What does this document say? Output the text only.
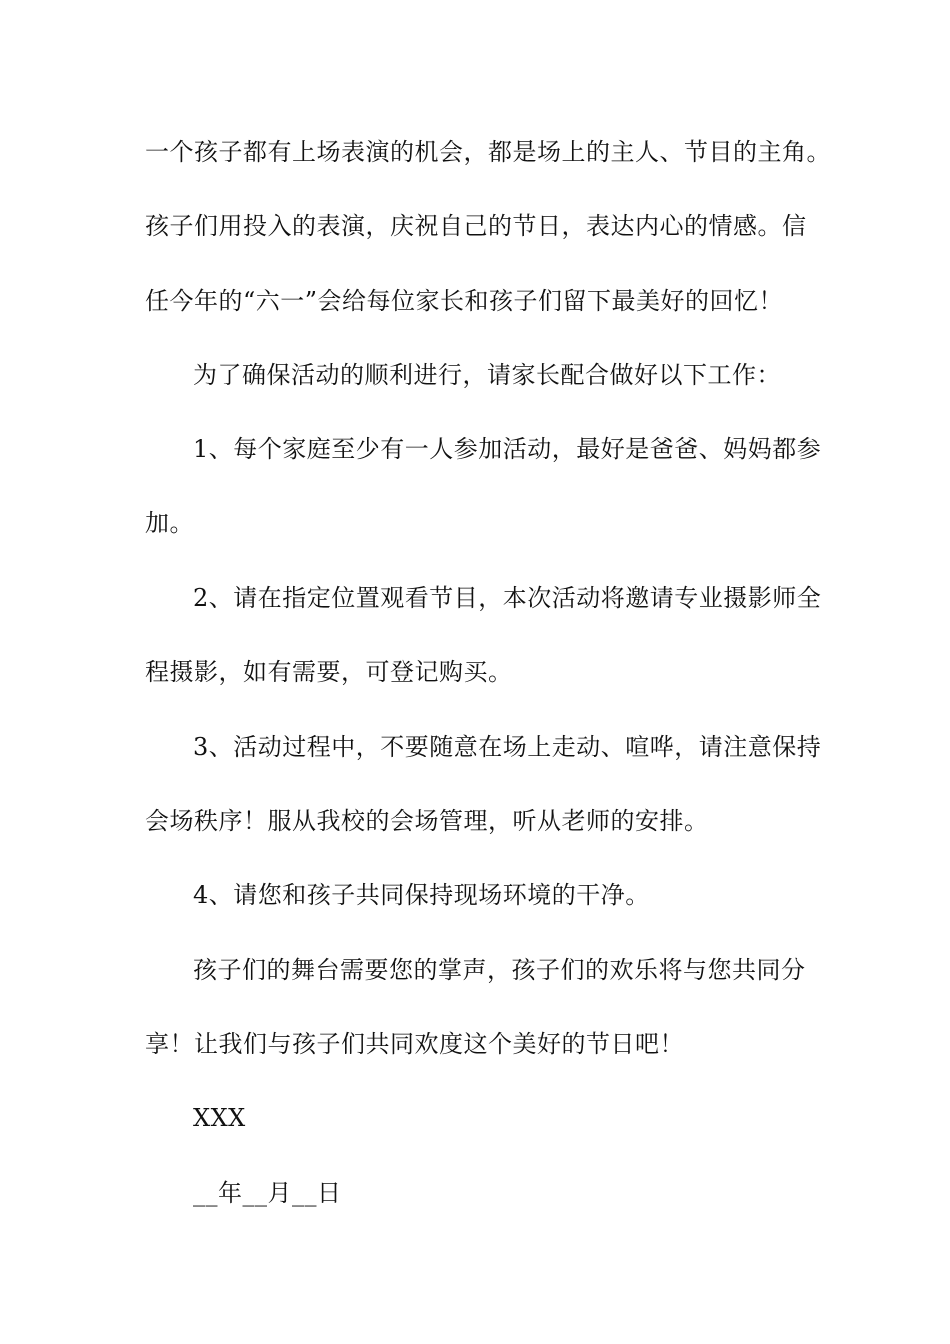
一个孩子都有上场表演的机会，都是场上的主人、节目的主角。
孩子们用投入的表演，庆祝自己的节日，表达内心的情感。信
任今年的“六一”会给每位家长和孩子们留下最美好的回忆！
为了确保活动的顺利进行，请家长配合做好以下工作：
1、每个家庭至少有一人参加活动，最好是爸爸、妈妈都参
加。
2、请在指定位置观看节目，本次活动将邀请专业摄影师全
程摄影，如有需要，可登记购买。
3、活动过程中，不要随意在场上走动、喧哗，请注意保持
会场秩序！服从我校的会场管理，听从老师的安排。
4、请您和孩子共同保持现场环境的干净。
孩子们的舞台需要您的掌声，孩子们的欢乐将与您共同分
享！让我们与孩子们共同欢度这个美好的节日吧！
XXX
__年__月__日
